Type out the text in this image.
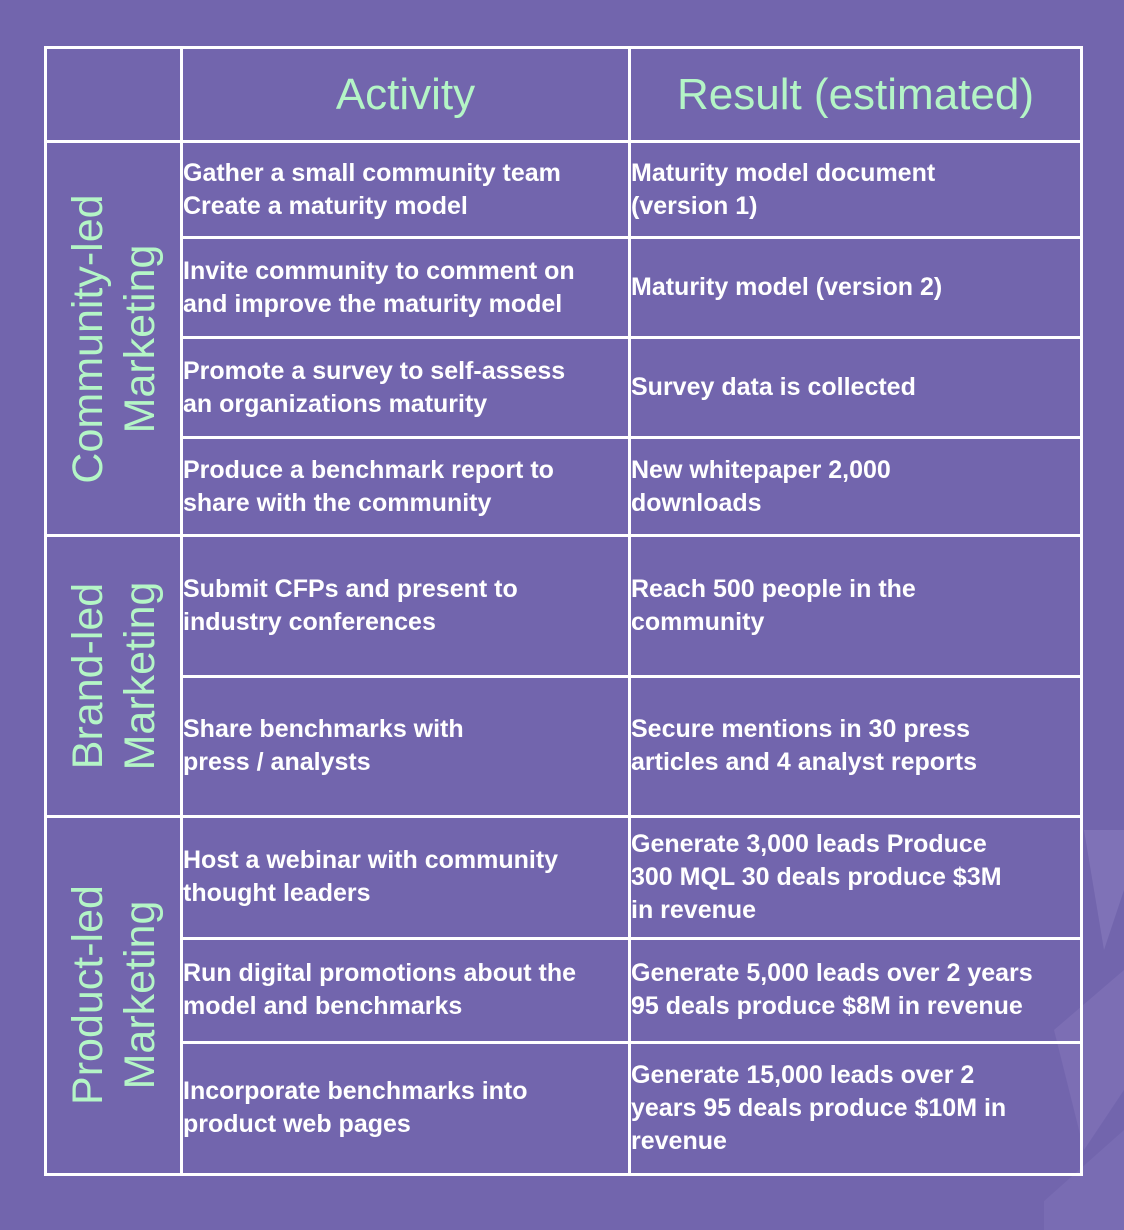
	Activity	Result (estimated)

Community-led Marketing	Gather a small community team
Create a maturity model	Maturity model document
(version 1)

	Invite community to comment on
and improve the maturity model	Maturity model (version 2)

	Promote a survey to self-assess
an organizations maturity	Survey data is collected

	Produce a benchmark report to
share with the community	New whitepaper 2,000
downloads

Brand-led Marketing	Submit CFPs and present to
industry conferences	Reach 500 people in the
community

	Share benchmarks with
press / analysts	Secure mentions in 30 press
articles and 4 analyst reports

Product-led Marketing	Host a webinar with community
thought leaders	Generate 3,000 leads Produce
300 MQL 30 deals produce $3M
in revenue

	Run digital promotions about the
model and benchmarks	Generate 5,000 leads over 2 years
95 deals produce $8M in revenue

	Incorporate benchmarks into
product web pages	Generate 15,000 leads over 2
years 95 deals produce $10M in
revenue
